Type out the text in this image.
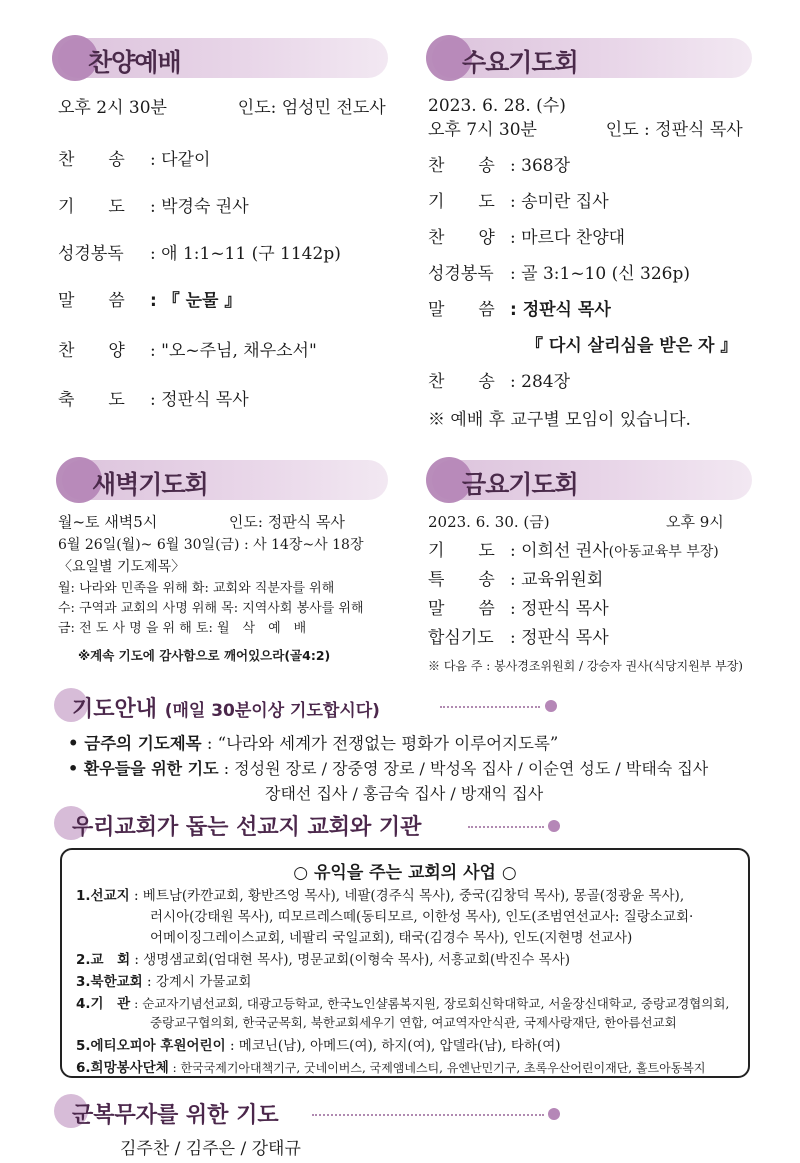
찬양예배
오후 2시 30분	인도: 엄성민 전도사
찬　　송 : 다같이
기　　도 : 박경숙 권사
성경봉독 : 애 1:1~11 (구 1142p)
말　　씀 : 『 눈물 』
찬　　양 : "오~주님, 채우소서"
축　　도 : 정판식 목사
수요기도회
2023. 6. 28. (수)
오후 7시 30분	인도 : 정판식 목사
찬　　송 : 368장
기　　도 : 송미란 집사
찬　　양 : 마르다 찬양대
성경봉독 : 골 3:1~10 (신 326p)
말　　씀 : 정판식 목사
『 다시 살리심을 받은 자 』
찬　　송 : 284장
※ 예배 후 교구별 모임이 있습니다.
새벽기도회
월~토 새벽5시	인도: 정판식 목사
6월 26일(월)~ 6월 30일(금) : 사 14장~사 18장
〈요일별 기도제목〉
월: 나라와 민족을 위해 화: 교회와 직분자를 위해
수: 구역과 교회의 사명 위해 목: 지역사회 봉사를 위해
금: 전 도 사 명 을 위 해 토: 월　삭　예　배
※계속 기도에 감사함으로 깨어있으라(골4:2)
금요기도회
2023. 6. 30. (금)	오후 9시
기　　도 : 이희선 권사(아동교육부 부장)
특　　송 : 교육위원회
말　　씀 : 정판식 목사
합심기도 : 정판식 목사
※ 다음 주 : 봉사경조위원회 / 강승자 권사(식당지원부 부장)
기도안내 (매일 30분이상 기도합시다)
• 금주의 기도제목 : “나라와 세계가 전쟁없는 평화가 이루어지도록”
• 환우들을 위한 기도 : 정성원 장로 / 장중영 장로 / 박성옥 집사 / 이순연 성도 / 박태숙 집사
장태선 집사 / 홍금숙 집사 / 방재익 집사
우리교회가 돕는 선교지 교회와 기관
○ 유익을 주는 교회의 사업 ○
1.선교지 : 베트남(카깐교회, 황반즈엉 목사), 네팔(경주식 목사), 중국(김창덕 목사), 몽골(정광윤 목사),
러시아(강태원 목사), 띠모르레스떼(동티모르, 이한성 목사), 인도(조범연선교사: 질랑소교회·
어메이징그레이스교회, 네팔리 국일교회), 태국(김경수 목사), 인도(지현명 선교사)
2.교　회 : 생명샘교회(엄대현 목사), 명문교회(이형숙 목사), 서흥교회(박진수 목사)
3.북한교회 : 강계시 가물교회
4.기　관 : 순교자기념선교회, 대광고등학교, 한국노인샬롬복지원, 장로회신학대학교, 서울장신대학교, 중랑교경협의회,
중랑교구협의회, 한국군목회, 북한교회세우기 연합, 여교역자안식관, 국제사랑재단, 한아름선교회
5.에티오피아 후원어린이 : 메코닌(남), 아메드(여), 하지(여), 압델라(남), 타하(여)
6.희망봉사단체 : 한국국제기아대책기구, 굿네이버스, 국제앰네스티, 유엔난민기구, 초록우산어린이재단, 홀트아동복지
군복무자를 위한 기도
김주찬 / 김주은 / 강태규
